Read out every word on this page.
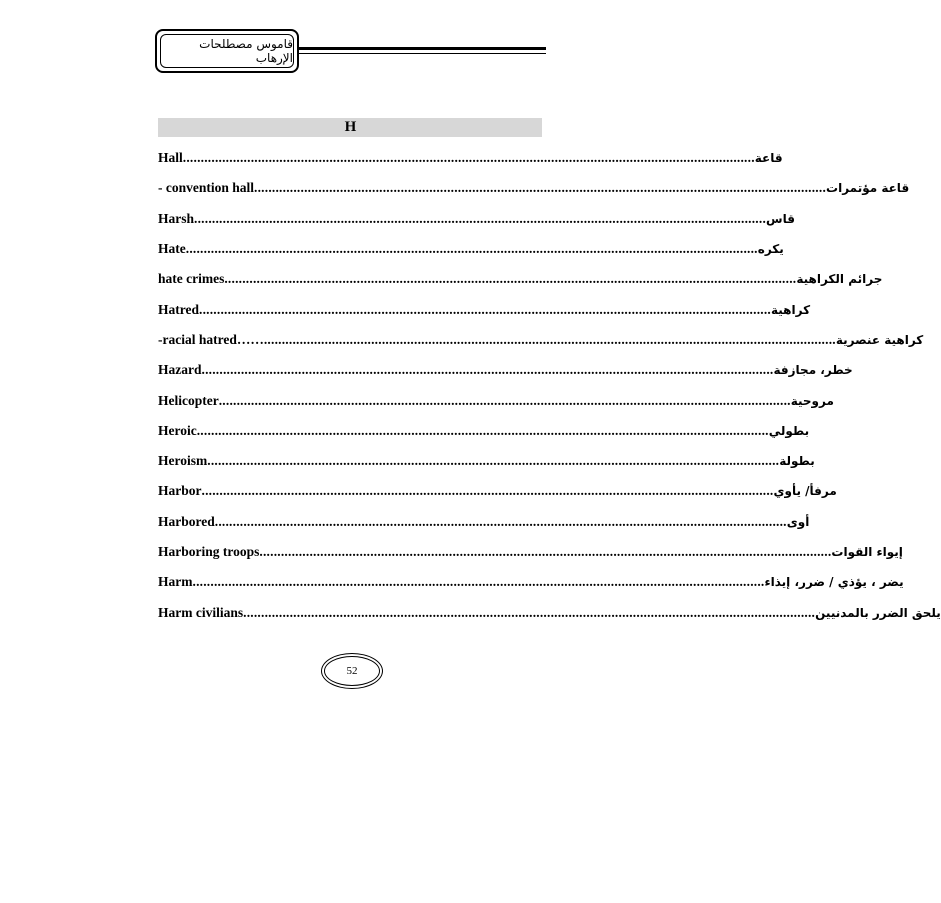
قاموس مصطلحات الإرهاب
H
Hall ................................................................................................................................................................ قاعة
- convention hall ................................................................................................................................................................ قاعة مؤتمرات
Harsh ................................................................................................................................................................ قاس
Hate ................................................................................................................................................................ يكره
hate crimes ................................................................................................................................................................ جرائم الكراهية
Hatred ................................................................................................................................................................ كراهية
-racial hatred…… ................................................................................................................................................................ كراهية عنصرية
Hazard ................................................................................................................................................................ خطر، مجازفة
Helicopter ................................................................................................................................................................ مروحية
Heroic ................................................................................................................................................................ بطولي
Heroism ................................................................................................................................................................ بطولة
Harbor ................................................................................................................................................................ مرفأ/ يأوي
Harbored ................................................................................................................................................................ أوى
Harboring troops ................................................................................................................................................................ إيواء القوات
Harm ................................................................................................................................................................ يضر ، يؤذي / ضرر، إيذاء
Harm civilians ................................................................................................................................................................ يلحق الضرر بالمدنيين
52
